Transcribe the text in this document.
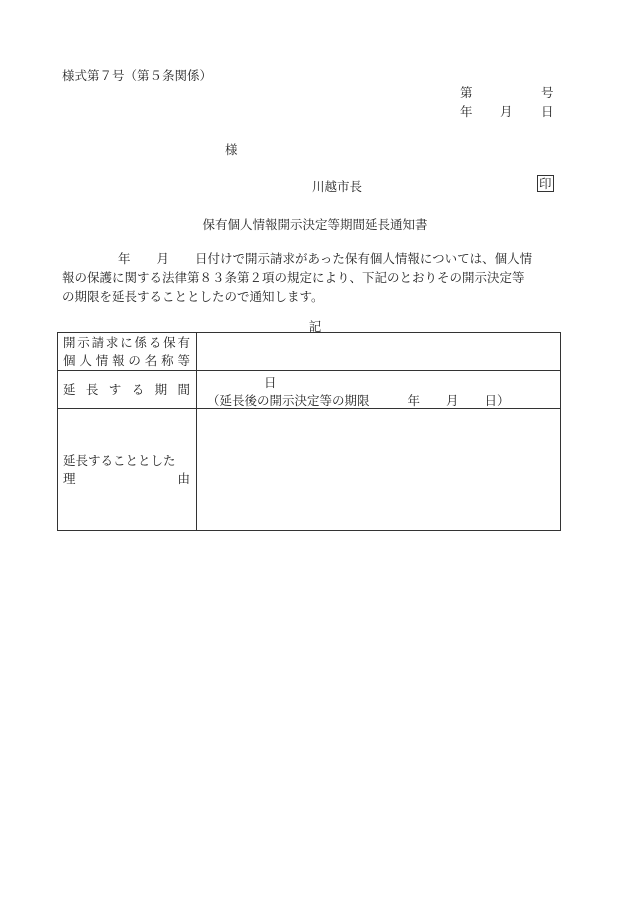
様式第７号（第５条関係）
第	号
年 月 日
様
川越市長	印
保有個人情報開示決定等期間延長通知書
年 月 日付けで開示請求があった保有個人情報については、個人情
報の保護に関する法律第８３条第２項の規定により、下記のとおりその開示決定等
の期限を延長することとしたので通知します。
記
開示請求に係る保有
個人情報の名称等	

延長する期間	日
（延長後の開示決定等の期限 年 月 日）

延長することとした
理由	
